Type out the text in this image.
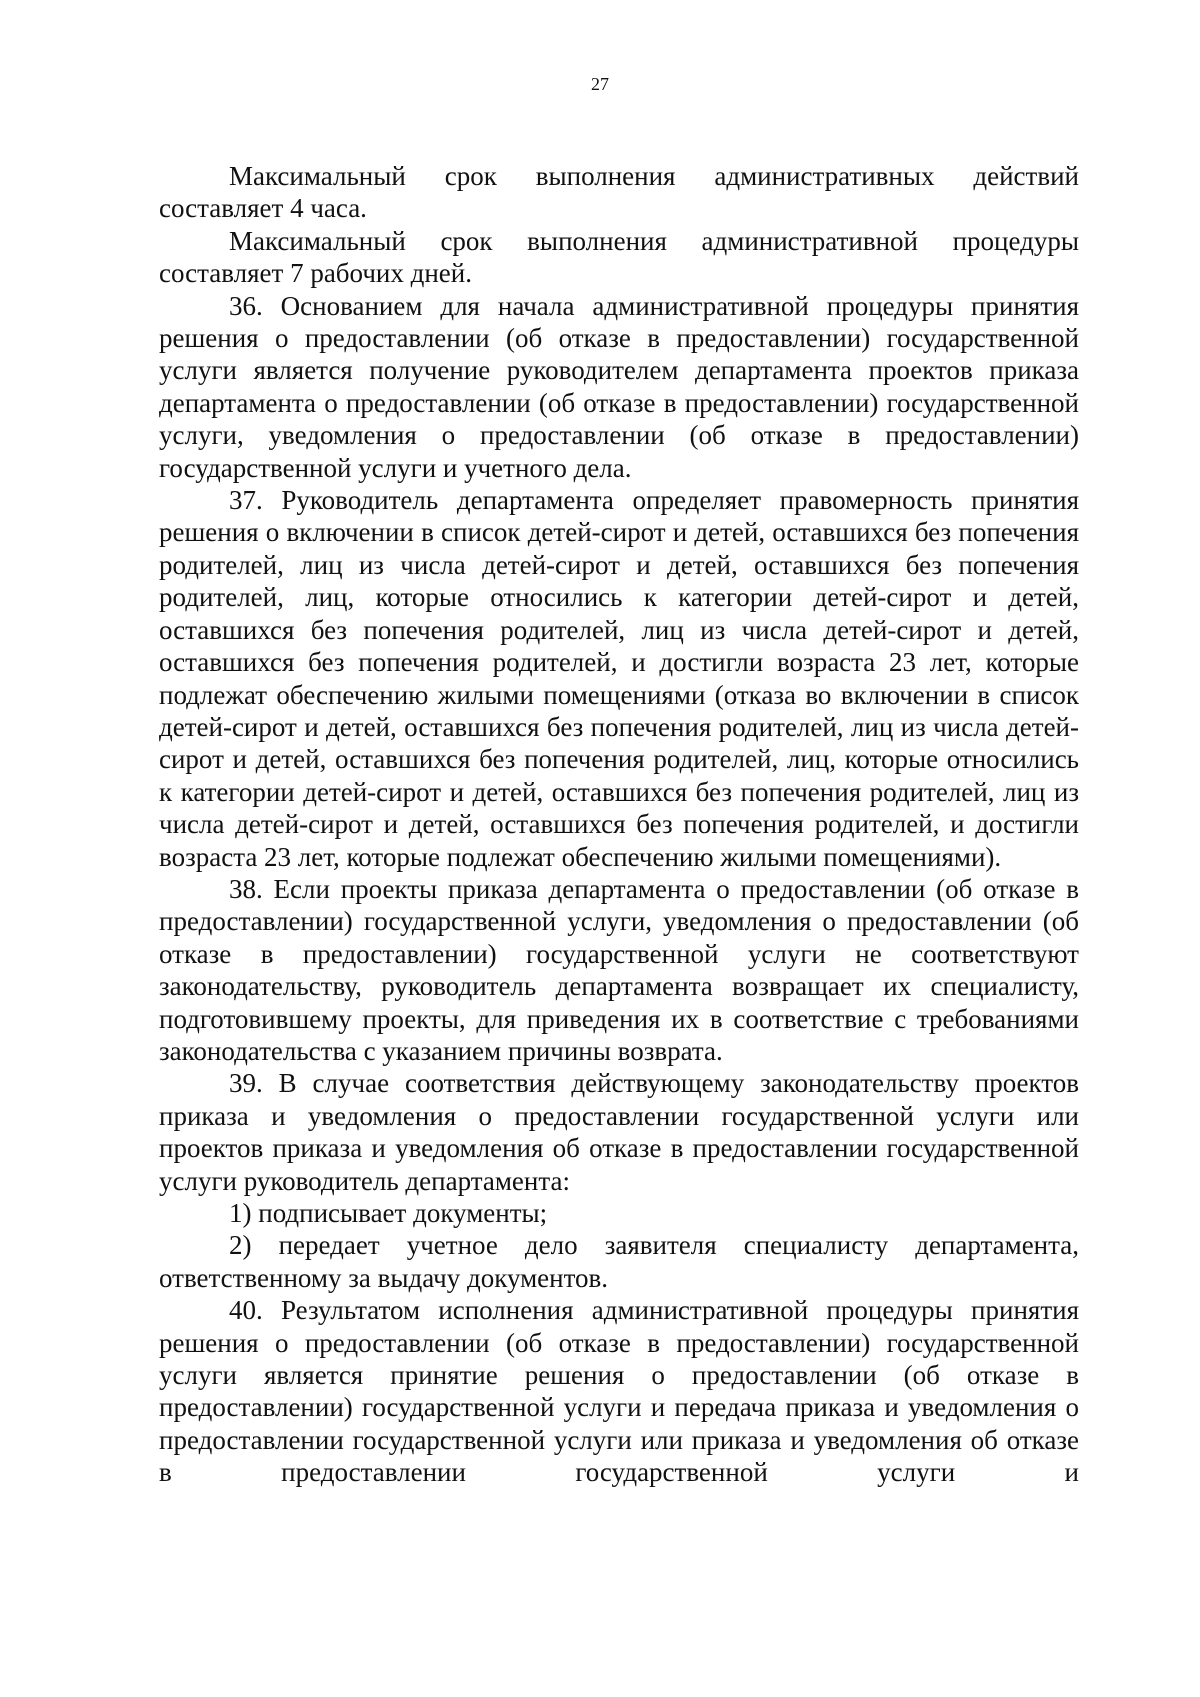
27

Максимальный срок выполнения административных действий составляет 4 часа.

Максимальный срок выполнения административной процедуры составляет 7 рабочих дней.

36. Основанием для начала административной процедуры принятия решения о предоставлении (об отказе в предоставлении) государственной услуги является получение руководителем департамента проектов приказа департамента о предоставлении (об отказе в предоставлении) государственной услуги, уведомления о предоставлении (об отказе в предоставлении) государственной услуги и учетного дела.

37. Руководитель департамента определяет правомерность принятия решения о включении в список детей-сирот и детей, оставшихся без попечения родителей, лиц из числа детей-сирот и детей, оставшихся без попечения родителей, лиц, которые относились к категории детей-сирот и детей, оставшихся без попечения родителей, лиц из числа детей-сирот и детей, оставшихся без попечения родителей, и достигли возраста 23 лет, которые подлежат обеспечению жилыми помещениями (отказа во включении в список детей-сирот и детей, оставшихся без попечения родителей, лиц из числа детей-сирот и детей, оставшихся без попечения родителей, лиц, которые относились к категории детей-сирот и детей, оставшихся без попечения родителей, лиц из числа детей-сирот и детей, оставшихся без попечения родителей, и достигли возраста 23 лет, которые подлежат обеспечению жилыми помещениями).

38. Если проекты приказа департамента о предоставлении (об отказе в предоставлении) государственной услуги, уведомления о предоставлении (об отказе в предоставлении) государственной услуги не соответствуют законодательству, руководитель департамента возвращает их специалисту, подготовившему проекты, для приведения их в соответствие с требованиями законодательства с указанием причины возврата.

39. В случае соответствия действующему законодательству проектов приказа и уведомления о предоставлении государственной услуги или проектов приказа и уведомления об отказе в предоставлении государственной услуги руководитель департамента:

1) подписывает документы;

2) передает учетное дело заявителя специалисту департамента, ответственному за выдачу документов.

40. Результатом исполнения административной процедуры принятия решения о предоставлении (об отказе в предоставлении) государственной услуги является принятие решения о предоставлении (об отказе в предоставлении) государственной услуги и передача приказа и уведомления о предоставлении государственной услуги или приказа и уведомления об отказе в предоставлении государственной услуги и
